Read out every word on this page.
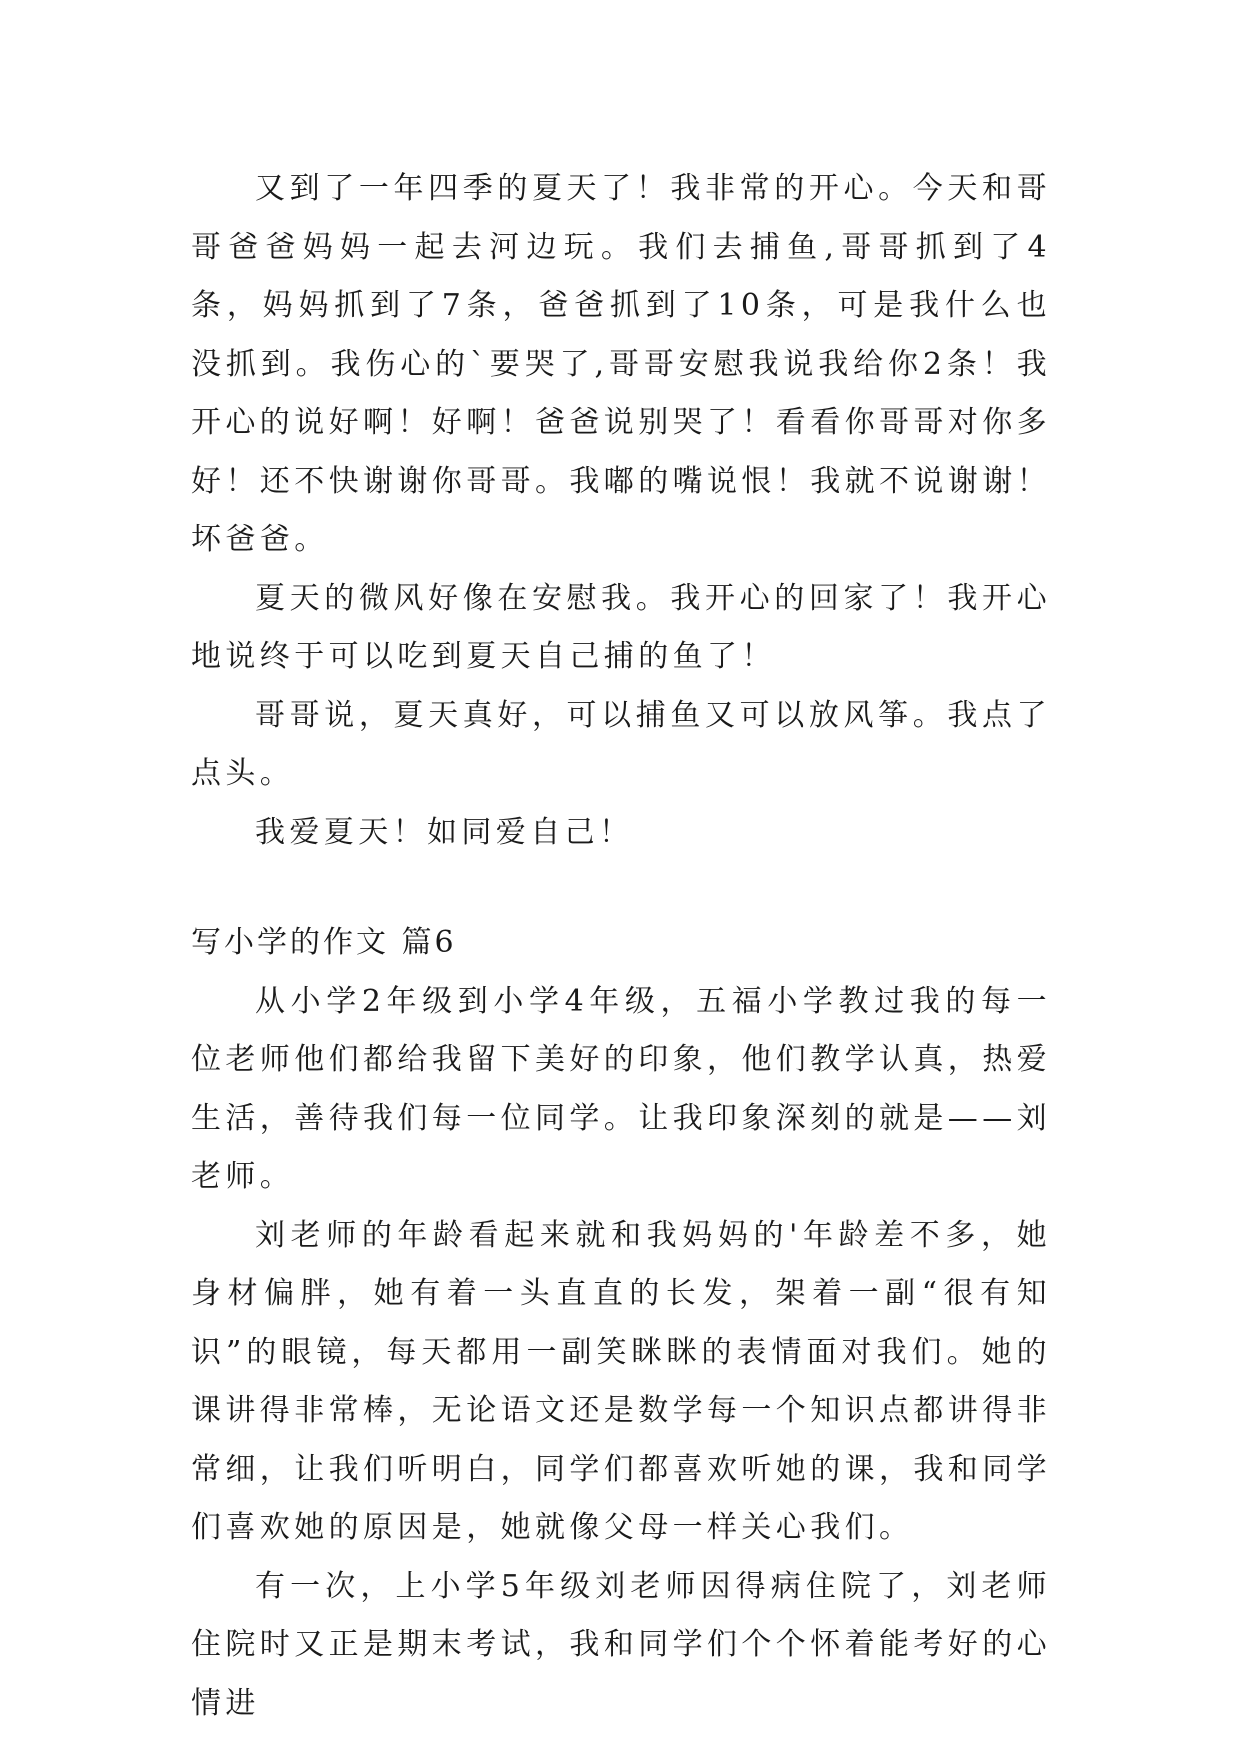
又到了一年四季的夏天了！我非常的开心。今天和哥哥爸爸妈妈一起去河边玩。我们去捕鱼,哥哥抓到了4条，妈妈抓到了7条，爸爸抓到了10条，可是我什么也没抓到。我伤心的`要哭了,哥哥安慰我说我给你2条！我开心的说好啊！好啊！爸爸说别哭了！看看你哥哥对你多好！还不快谢谢你哥哥。我嘟的嘴说恨！我就不说谢谢！坏爸爸。

夏天的微风好像在安慰我。我开心的回家了！我开心地说终于可以吃到夏天自己捕的鱼了！

哥哥说，夏天真好，可以捕鱼又可以放风筝。我点了点头。

我爱夏天！如同爱自己！

写小学的作文 篇6

从小学2年级到小学4年级，五福小学教过我的每一位老师他们都给我留下美好的印象，他们教学认真，热爱生活，善待我们每一位同学。让我印象深刻的就是——刘老师。

刘老师的年龄看起来就和我妈妈的'年龄差不多，她身材偏胖，她有着一头直直的长发，架着一副“很有知识”的眼镜，每天都用一副笑眯眯的表情面对我们。她的课讲得非常棒，无论语文还是数学每一个知识点都讲得非常细，让我们听明白，同学们都喜欢听她的课，我和同学们喜欢她的原因是，她就像父母一样关心我们。

有一次，上小学5年级刘老师因得病住院了，刘老师住院时又正是期末考试，我和同学们个个怀着能考好的心情进
